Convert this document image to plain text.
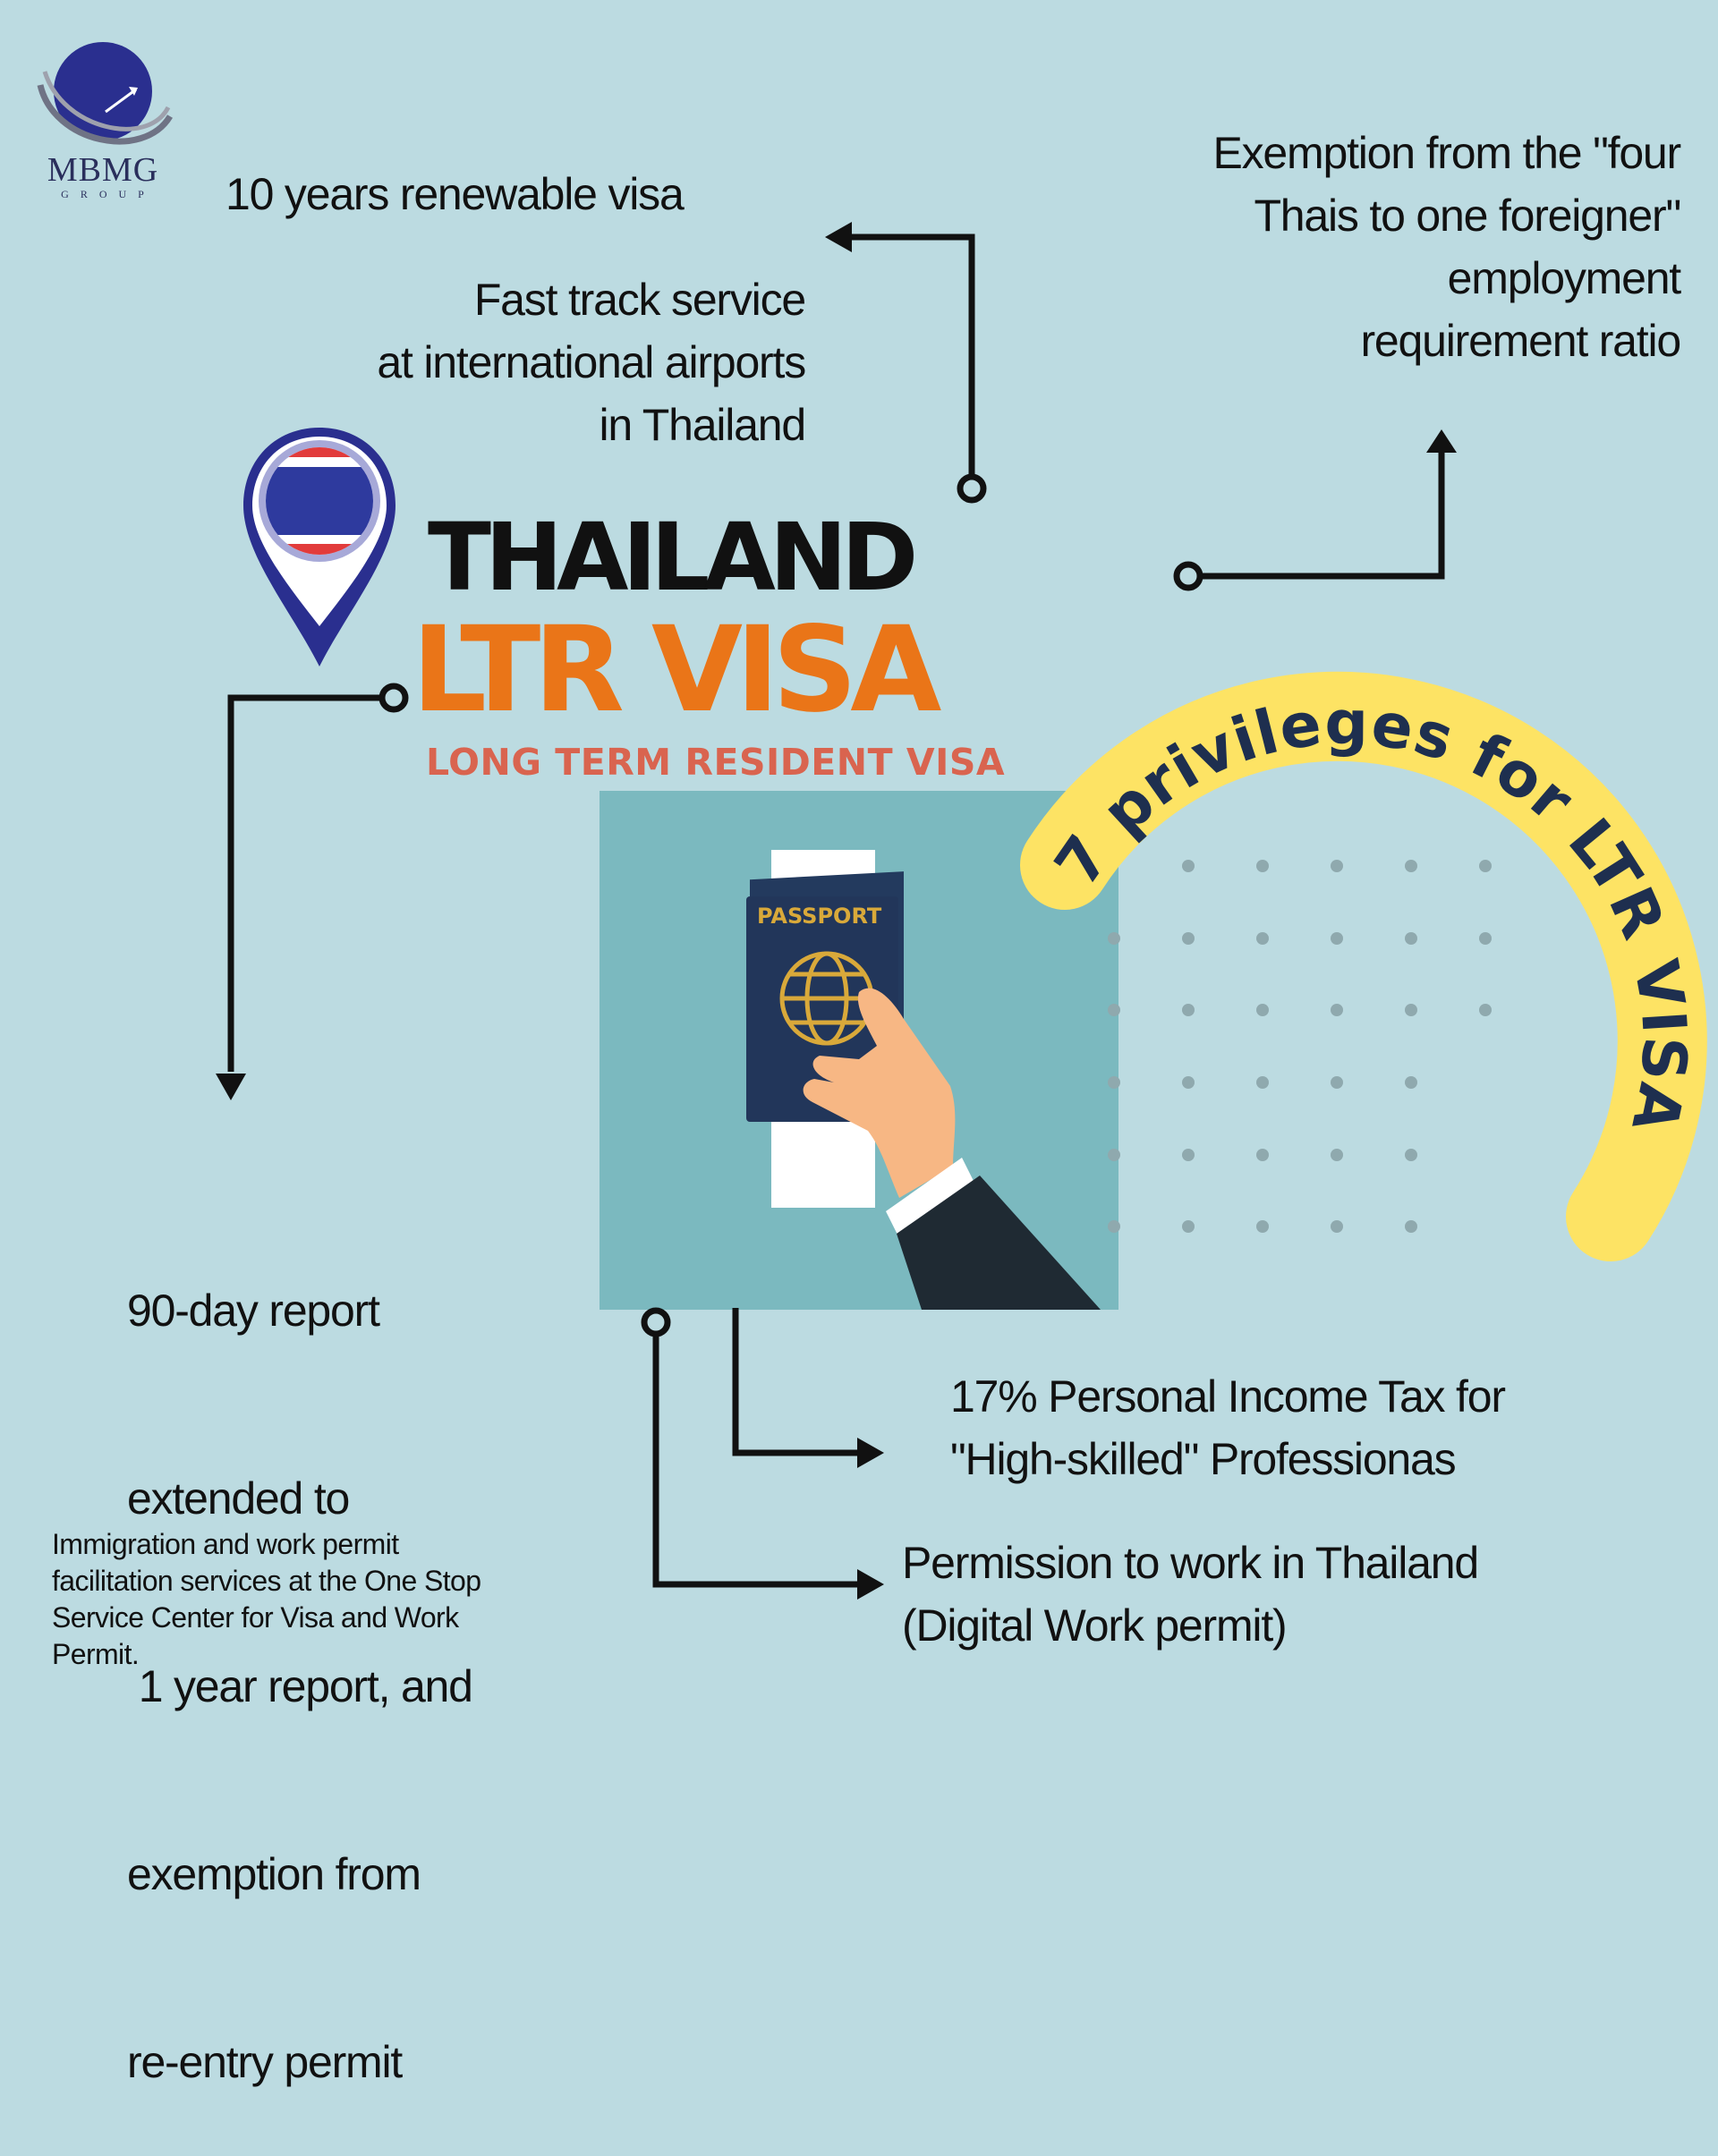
MBMG
GROUP	10 years renewable visa
Fast track service
at international airports
in Thailand
Exemption from the "four
Thais to one foreigner"
employment
requirement ratio
THAILAND
LTR VISA
LONG TERM RESIDENT VISA
PASSPORT
7 privileges for LTR VISA

90-day report

extended to

1 year report, and

exemption from

re-entry permit

17% Personal Income Tax for
"High-skilled" Professionas
Permission to work in Thailand
(Digital Work permit)
Immigration and work permit
facilitation services at the One Stop
Service Center for Visa and Work
Permit.
